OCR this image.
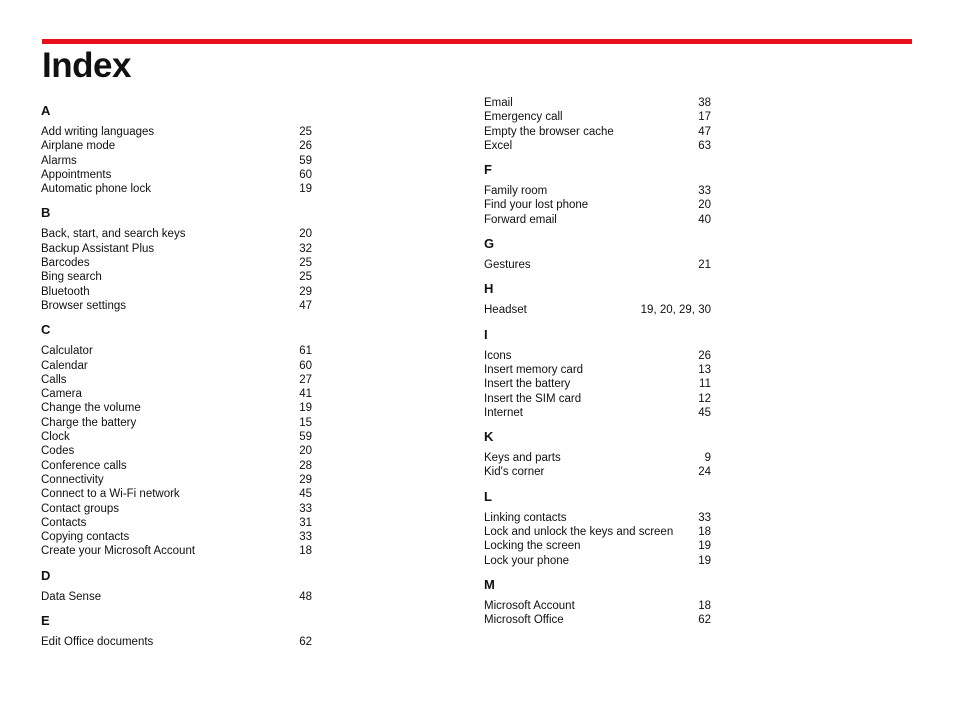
Index
A
Add writing languages	25
Airplane mode	26
Alarms	59
Appointments	60
Automatic phone lock	19
B
Back, start, and search keys	20
Backup Assistant Plus	32
Barcodes	25
Bing search	25
Bluetooth	29
Browser settings	47
C
Calculator	61
Calendar	60
Calls	27
Camera	41
Change the volume	19
Charge the battery	15
Clock	59
Codes	20
Conference calls	28
Connectivity	29
Connect to a Wi-Fi network	45
Contact groups	33
Contacts	31
Copying contacts	33
Create your Microsoft Account	18
D
Data Sense	48
E
Edit Office documents	62
Email	38
Emergency call	17
Empty the browser cache	47
Excel	63
F
Family room	33
Find your lost phone	20
Forward email	40
G
Gestures	21
H
Headset	19, 20, 29, 30
I
Icons	26
Insert memory card	13
Insert the battery	11
Insert the SIM card	12
Internet	45
K
Keys and parts	9
Kid's corner	24
L
Linking contacts	33
Lock and unlock the keys and screen 18
Locking the screen	19
Lock your phone	19
M
Microsoft Account	18
Microsoft Office	62
